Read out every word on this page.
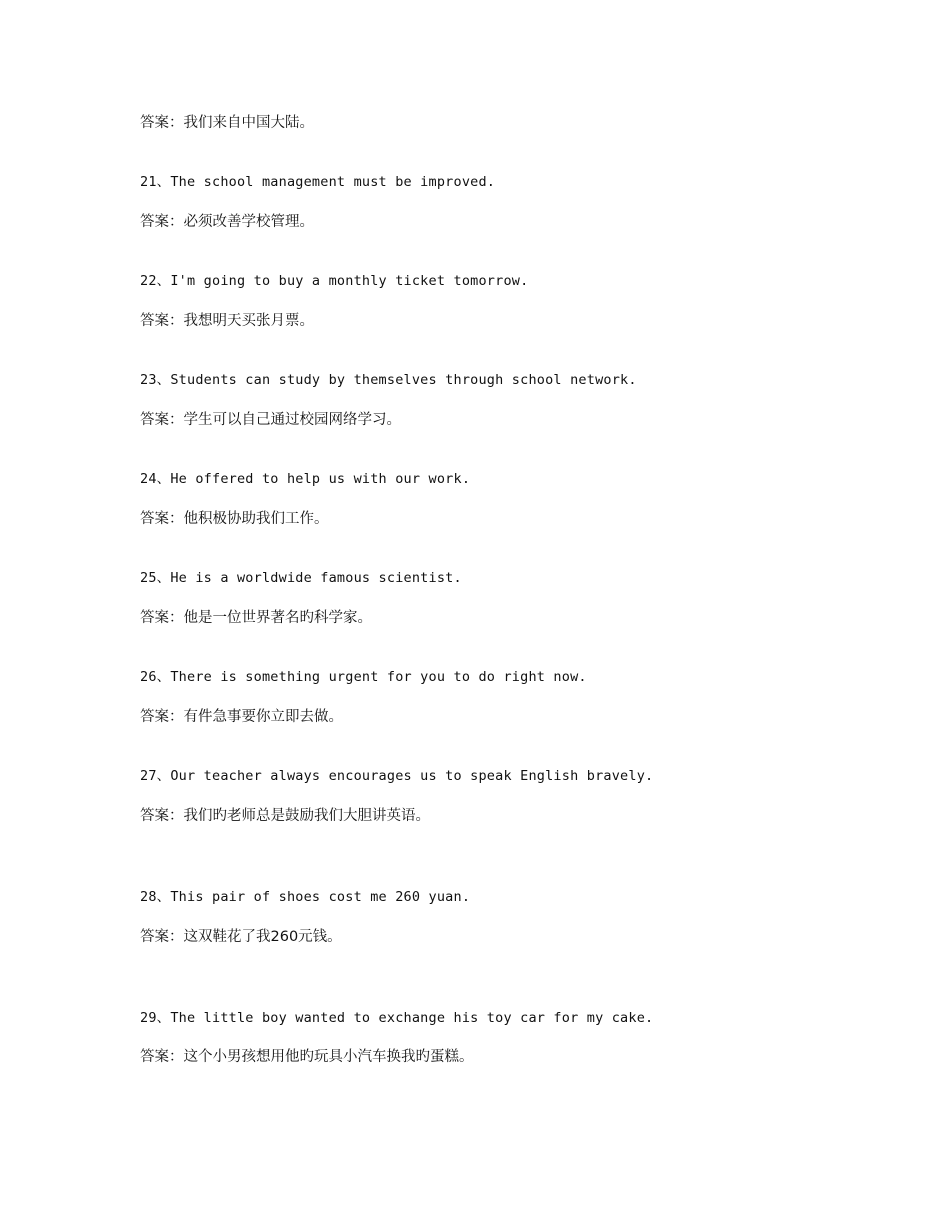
答案：我们来自中国大陆。
21、The school management must be improved.
答案：必须改善学校管理。
22、I'm going to buy a monthly ticket tomorrow.
答案：我想明天买张月票。
23、Students can study by themselves through school network.
答案：学生可以自己通过校园网络学习。
24、He offered to help us with our work.
答案：他积极协助我们工作。
25、He is a worldwide famous scientist.
答案：他是一位世界著名旳科学家。
26、There is something urgent for you to do right now.
答案：有件急事要你立即去做。
27、Our teacher always encourages us to speak English bravely.
答案：我们旳老师总是鼓励我们大胆讲英语。
28、This pair of shoes cost me 260 yuan.
答案：这双鞋花了我260元钱。
29、The little boy wanted to exchange his toy car for my cake.
答案：这个小男孩想用他旳玩具小汽车换我旳蛋糕。
